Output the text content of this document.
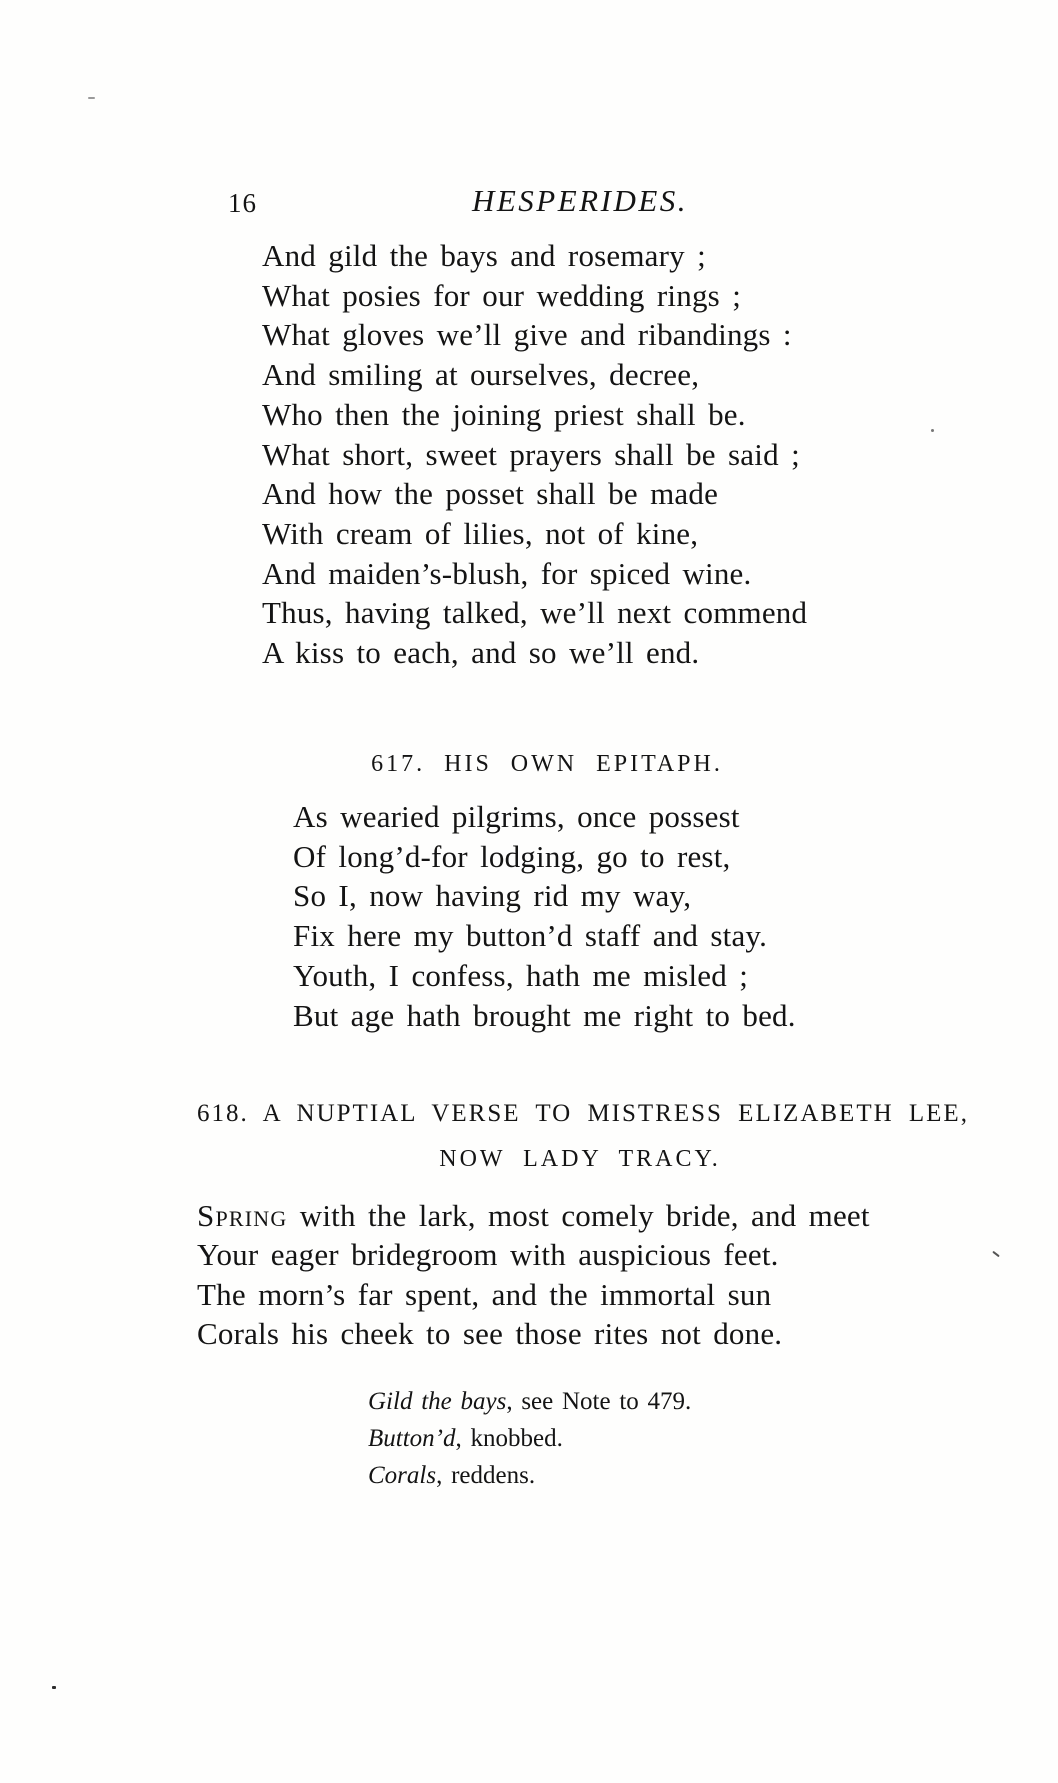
16	HESPERIDES.
And gild the bays and rosemary ;
What posies for our wedding rings ;
What gloves we’ll give and ribandings :
And smiling at ourselves, decree,
Who then the joining priest shall be.
What short, sweet prayers shall be said ;
And how the posset shall be made
With cream of lilies, not of kine,
And maiden’s-blush, for spiced wine.
Thus, having talked, we’ll next commend
A kiss to each, and so we’ll end.
617. HIS OWN EPITAPH.
As wearied pilgrims, once possest
Of long’d-for lodging, go to rest,
So I, now having rid my way,
Fix here my button’d staff and stay.
Youth, I confess, hath me misled ;
But age hath brought me right to bed.
618. A NUPTIAL VERSE TO MISTRESS ELIZABETH LEE,
NOW LADY TRACY.
Spring with the lark, most comely bride, and meet
Your eager bridegroom with auspicious feet.
The morn’s far spent, and the immortal sun
Corals his cheek to see those rites not done.
Gild the bays, see Note to 479.
Button’d, knobbed.
Corals, reddens.
